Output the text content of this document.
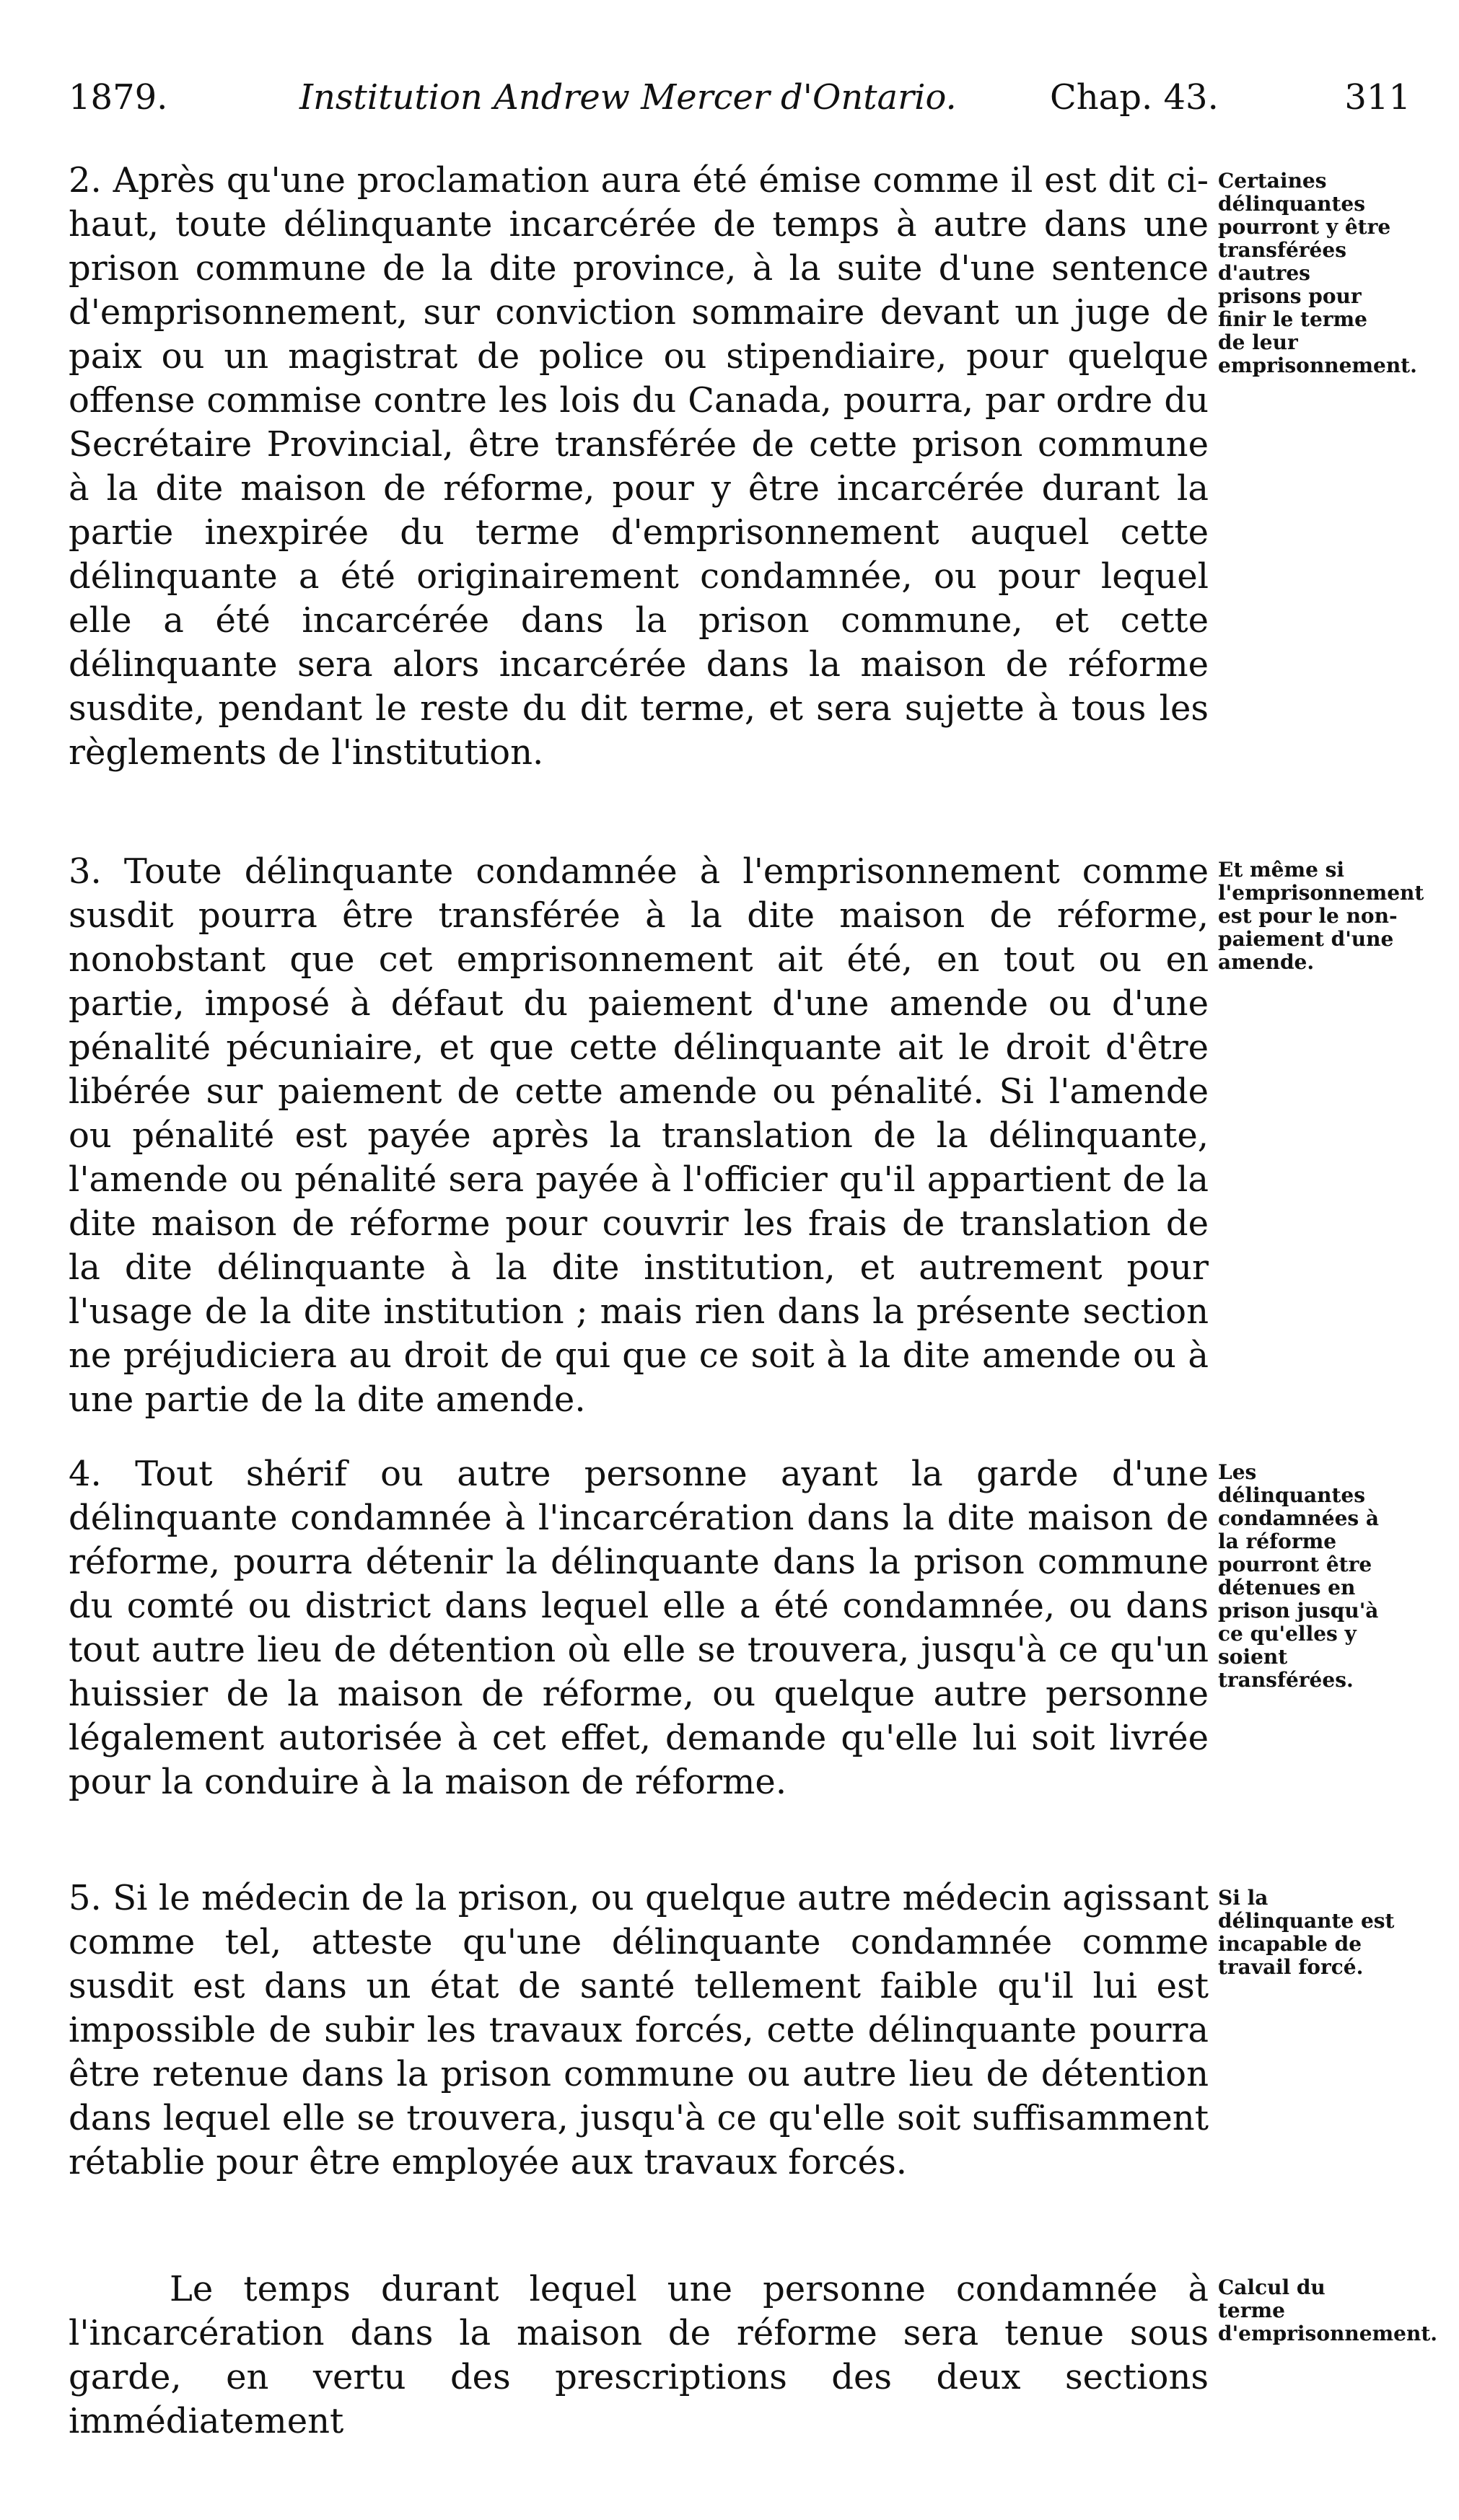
1879.	Institution Andrew Mercer d'Ontario.	Chap. 43.	311
2. Après qu'une proclamation aura été émise comme il est dit ci-haut, toute délinquante incarcérée de temps à autre dans une prison commune de la dite province, à la suite d'une sentence d'emprisonnement, sur conviction sommaire devant un juge de paix ou un magistrat de police ou stipendiaire, pour quelque offense commise contre les lois du Canada, pourra, par ordre du Secrétaire Provincial, être transférée de cette prison commune à la dite maison de réforme, pour y être incarcérée durant la partie inexpirée du terme d'emprisonnement auquel cette délinquante a été originairement condamnée, ou pour lequel elle a été incarcérée dans la prison commune, et cette délinquante sera alors incarcérée dans la maison de réforme susdite, pendant le reste du dit terme, et sera sujette à tous les règlements de l'institution.
Certaines délinquantes pourront y être transférées d'autres prisons pour finir le terme de leur emprisonnement.
3. Toute délinquante condamnée à l'emprisonnement comme susdit pourra être transférée à la dite maison de réforme, nonobstant que cet emprisonnement ait été, en tout ou en partie, imposé à défaut du paiement d'une amende ou d'une pénalité pécuniaire, et que cette délinquante ait le droit d'être libérée sur paiement de cette amende ou pénalité. Si l'amende ou pénalité est payée après la translation de la délinquante, l'amende ou pénalité sera payée à l'officier qu'il appartient de la dite maison de réforme pour couvrir les frais de translation de la dite délinquante à la dite institution, et autrement pour l'usage de la dite institution ; mais rien dans la présente section ne préjudiciera au droit de qui que ce soit à la dite amende ou à une partie de la dite amende.
Et même si l'emprisonnement est pour le non-paiement d'une amende.
4. Tout shérif ou autre personne ayant la garde d'une délinquante condamnée à l'incarcération dans la dite maison de réforme, pourra détenir la délinquante dans la prison commune du comté ou district dans lequel elle a été condamnée, ou dans tout autre lieu de détention où elle se trouvera, jusqu'à ce qu'un huissier de la maison de réforme, ou quelque autre personne légalement autorisée à cet effet, demande qu'elle lui soit livrée pour la conduire à la maison de réforme.
Les délinquantes condamnées à la réforme pourront être détenues en prison jusqu'à ce qu'elles y soient transférées.
5. Si le médecin de la prison, ou quelque autre médecin agissant comme tel, atteste qu'une délinquante condamnée comme susdit est dans un état de santé tellement faible qu'il lui est impossible de subir les travaux forcés, cette délinquante pourra être retenue dans la prison commune ou autre lieu de détention dans lequel elle se trouvera, jusqu'à ce qu'elle soit suffisamment rétablie pour être employée aux travaux forcés.
Si la délinquante est incapable de travail forcé.
Le temps durant lequel une personne condamnée à l'incarcération dans la maison de réforme sera tenue sous garde, en vertu des prescriptions des deux sections immédiatement
Calcul du terme d'emprisonnement.
